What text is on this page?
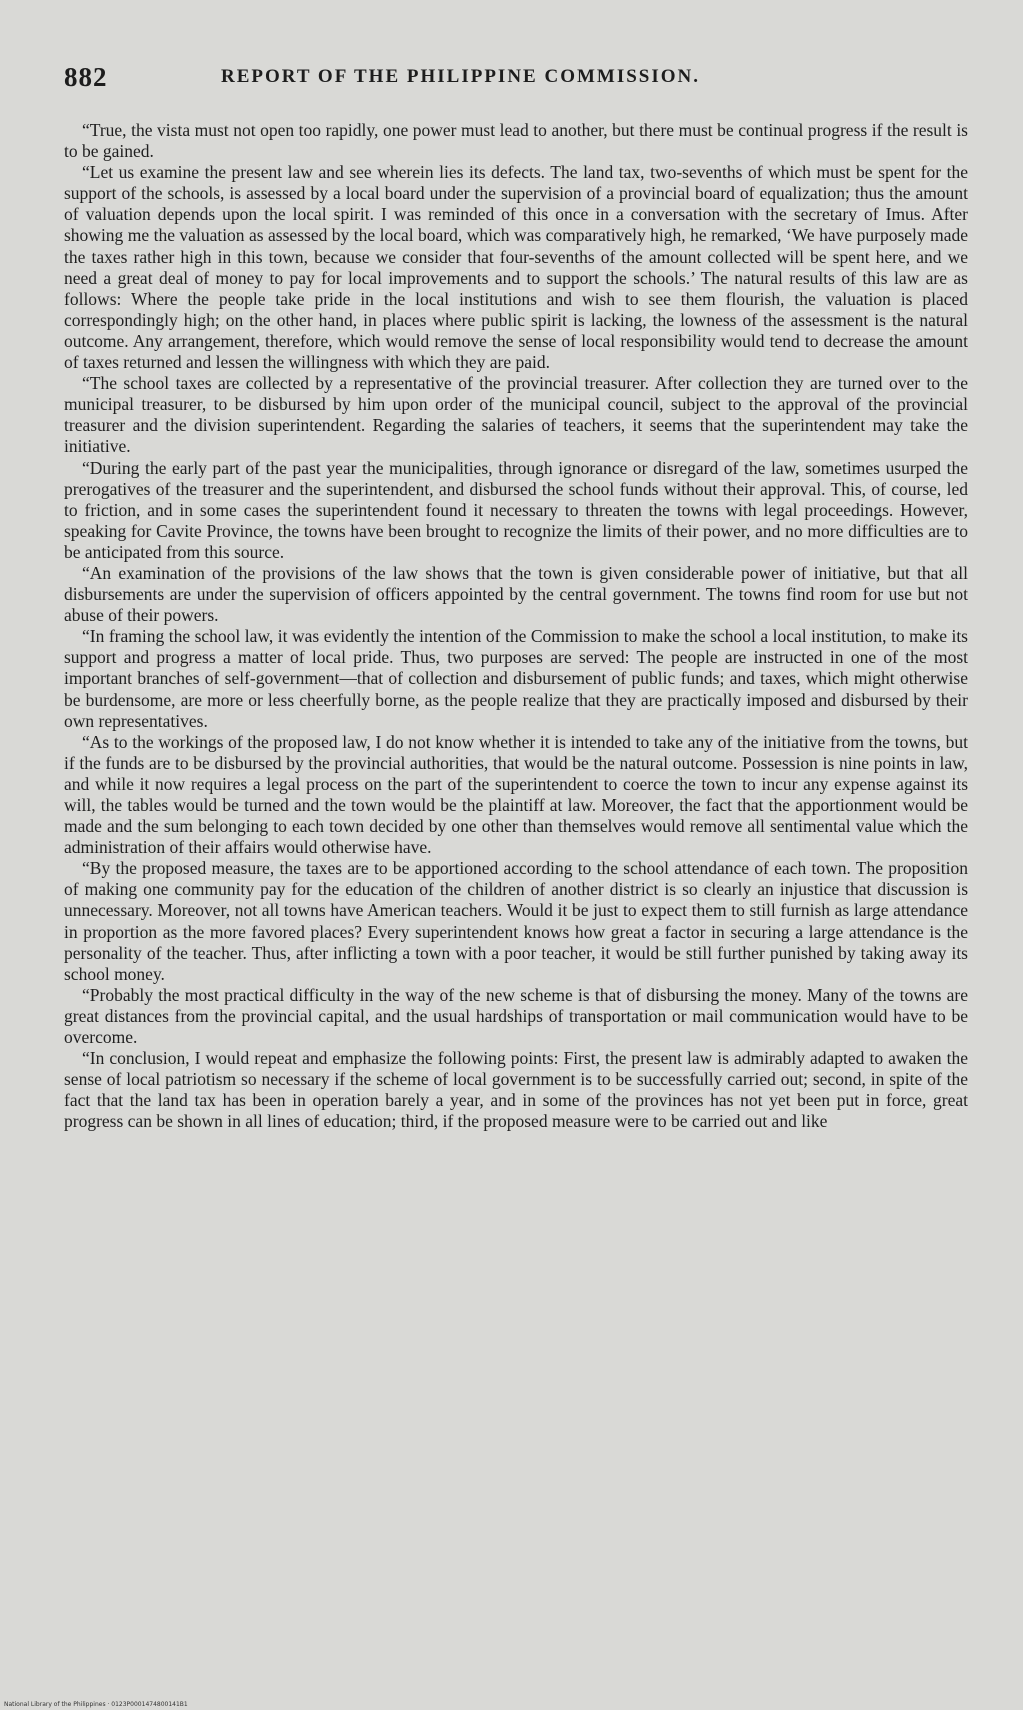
882	REPORT OF THE PHILIPPINE COMMISSION.

“True, the vista must not open too rapidly, one power must lead to another, but there must be continual progress if the result is to be gained.

“Let us examine the present law and see wherein lies its defects. The land tax, two-sevenths of which must be spent for the support of the schools, is assessed by a local board under the supervision of a provincial board of equalization; thus the amount of valuation depends upon the local spirit. I was reminded of this once in a conversation with the secretary of Imus. After showing me the valuation as assessed by the local board, which was comparatively high, he remarked, ‘We have purposely made the taxes rather high in this town, because we consider that four-sevenths of the amount collected will be spent here, and we need a great deal of money to pay for local improvements and to support the schools.’ The natural results of this law are as follows: Where the people take pride in the local institutions and wish to see them flourish, the valuation is placed correspondingly high; on the other hand, in places where public spirit is lacking, the lowness of the assessment is the natural outcome. Any arrangement, therefore, which would remove the sense of local responsibility would tend to decrease the amount of taxes returned and lessen the willingness with which they are paid.

“The school taxes are collected by a representative of the provincial treasurer. After collection they are turned over to the municipal treasurer, to be disbursed by him upon order of the municipal council, subject to the approval of the provincial treasurer and the division superintendent. Regarding the salaries of teachers, it seems that the superintendent may take the initiative.

“During the early part of the past year the municipalities, through ignorance or disregard of the law, sometimes usurped the prerogatives of the treasurer and the superintendent, and disbursed the school funds without their approval. This, of course, led to friction, and in some cases the superintendent found it necessary to threaten the towns with legal proceedings. However, speaking for Cavite Province, the towns have been brought to recognize the limits of their power, and no more difficulties are to be anticipated from this source.

“An examination of the provisions of the law shows that the town is given considerable power of initiative, but that all disbursements are under the supervision of officers appointed by the central government. The towns find room for use but not abuse of their powers.

“In framing the school law, it was evidently the intention of the Commission to make the school a local institution, to make its support and progress a matter of local pride. Thus, two purposes are served: The people are instructed in one of the most important branches of self-government—that of collection and disbursement of public funds; and taxes, which might otherwise be burdensome, are more or less cheerfully borne, as the people realize that they are practically imposed and disbursed by their own representatives.

“As to the workings of the proposed law, I do not know whether it is intended to take any of the initiative from the towns, but if the funds are to be disbursed by the provincial authorities, that would be the natural outcome. Possession is nine points in law, and while it now requires a legal process on the part of the superintendent to coerce the town to incur any expense against its will, the tables would be turned and the town would be the plaintiff at law. Moreover, the fact that the apportionment would be made and the sum belonging to each town decided by one other than themselves would remove all sentimental value which the administration of their affairs would otherwise have.

“By the proposed measure, the taxes are to be apportioned according to the school attendance of each town. The proposition of making one community pay for the education of the children of another district is so clearly an injustice that discussion is unnecessary. Moreover, not all towns have American teachers. Would it be just to expect them to still furnish as large attendance in proportion as the more favored places? Every superintendent knows how great a factor in securing a large attendance is the personality of the teacher. Thus, after inflicting a town with a poor teacher, it would be still further punished by taking away its school money.

“Probably the most practical difficulty in the way of the new scheme is that of disbursing the money. Many of the towns are great distances from the provincial capital, and the usual hardships of transportation or mail communication would have to be overcome.

“In conclusion, I would repeat and emphasize the following points: First, the present law is admirably adapted to awaken the sense of local patriotism so necessary if the scheme of local government is to be successfully carried out; second, in spite of the fact that the land tax has been in operation barely a year, and in some of the provinces has not yet been put in force, great progress can be shown in all lines of education; third, if the proposed measure were to be carried out and like

National Library of the Philippines · 0123P0001474800141B1
